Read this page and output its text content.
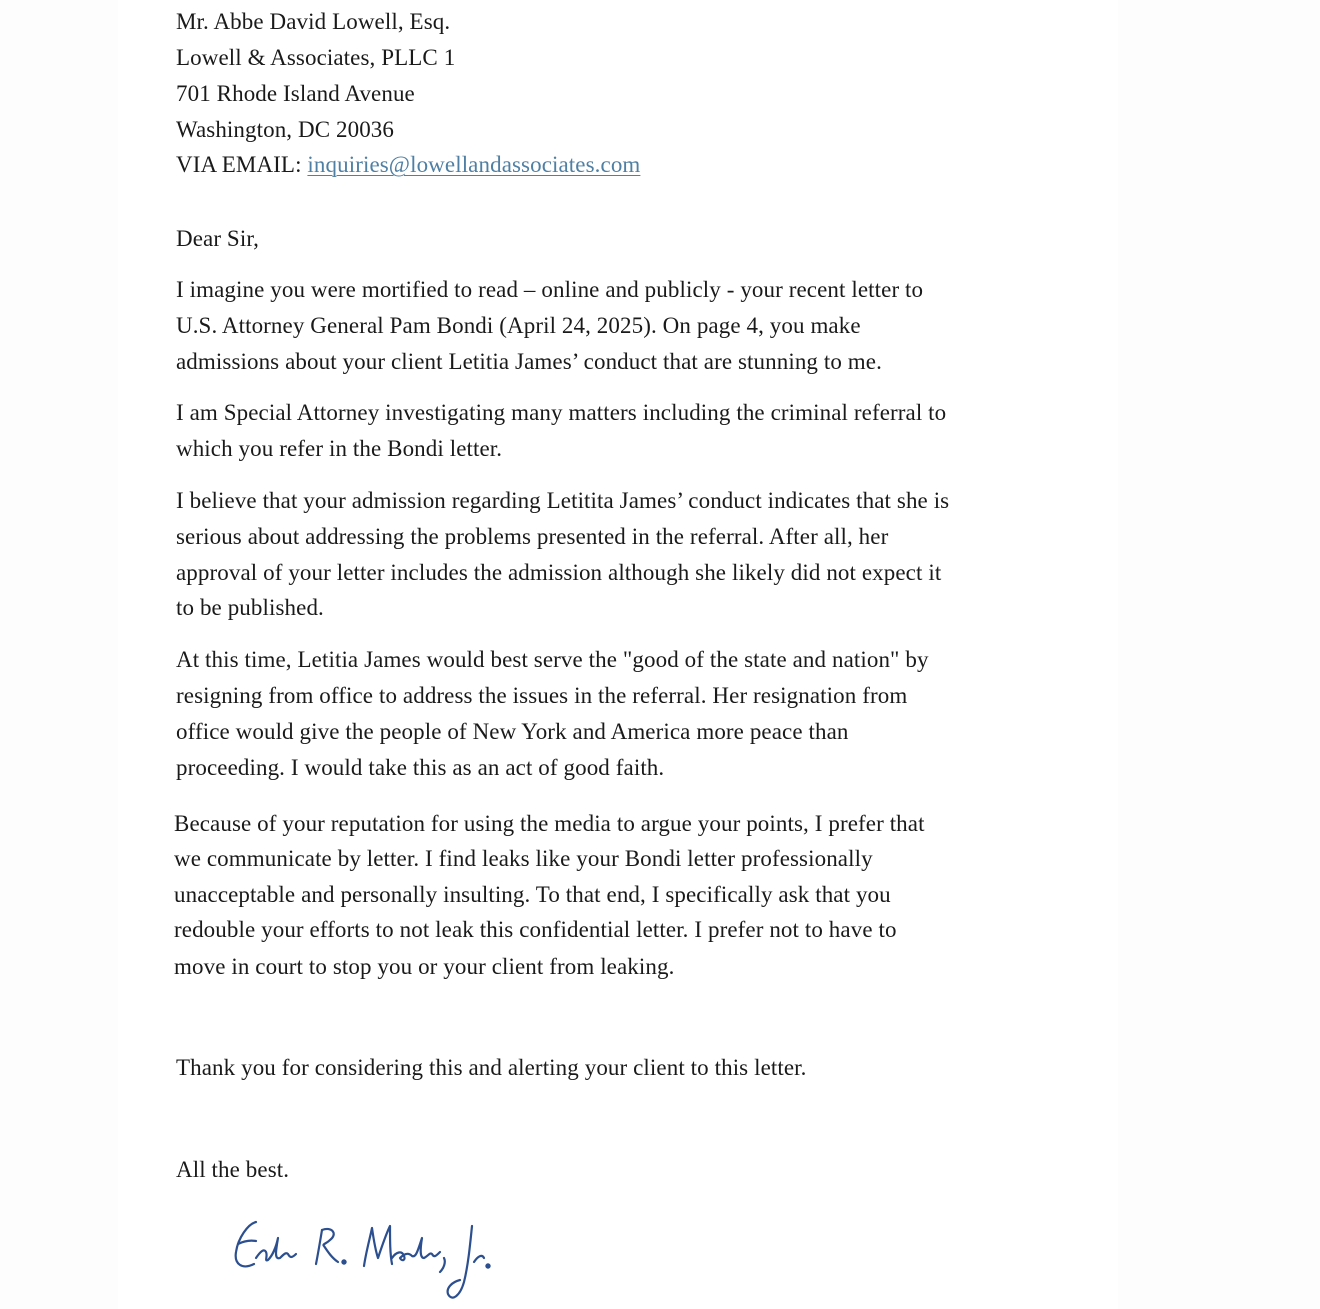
Mr. Abbe David Lowell, Esq.
Lowell & Associates, PLLC 1
701 Rhode Island Avenue
Washington, DC 20036
VIA EMAIL: inquiries@lowellandassociates.com
Dear Sir,
I imagine you were mortified to read – online and publicly - your recent letter to
U.S. Attorney General Pam Bondi (April 24, 2025). On page 4, you make
admissions about your client Letitia James’ conduct that are stunning to me.
I am Special Attorney investigating many matters including the criminal referral to
which you refer in the Bondi letter.
I believe that your admission regarding Letitita James’ conduct indicates that she is
serious about addressing the problems presented in the referral. After all, her
approval of your letter includes the admission although she likely did not expect it
to be published.
At this time, Letitia James would best serve the "good of the state and nation" by
resigning from office to address the issues in the referral. Her resignation from
office would give the people of New York and America more peace than
proceeding. I would take this as an act of good faith.
Because of your reputation for using the media to argue your points, I prefer that
we communicate by letter. I find leaks like your Bondi letter professionally
unacceptable and personally insulting. To that end, I specifically ask that you
redouble your efforts to not leak this confidential letter. I prefer not to have to
move in court to stop you or your client from leaking.
Thank you for considering this and alerting your client to this letter.
All the best.
